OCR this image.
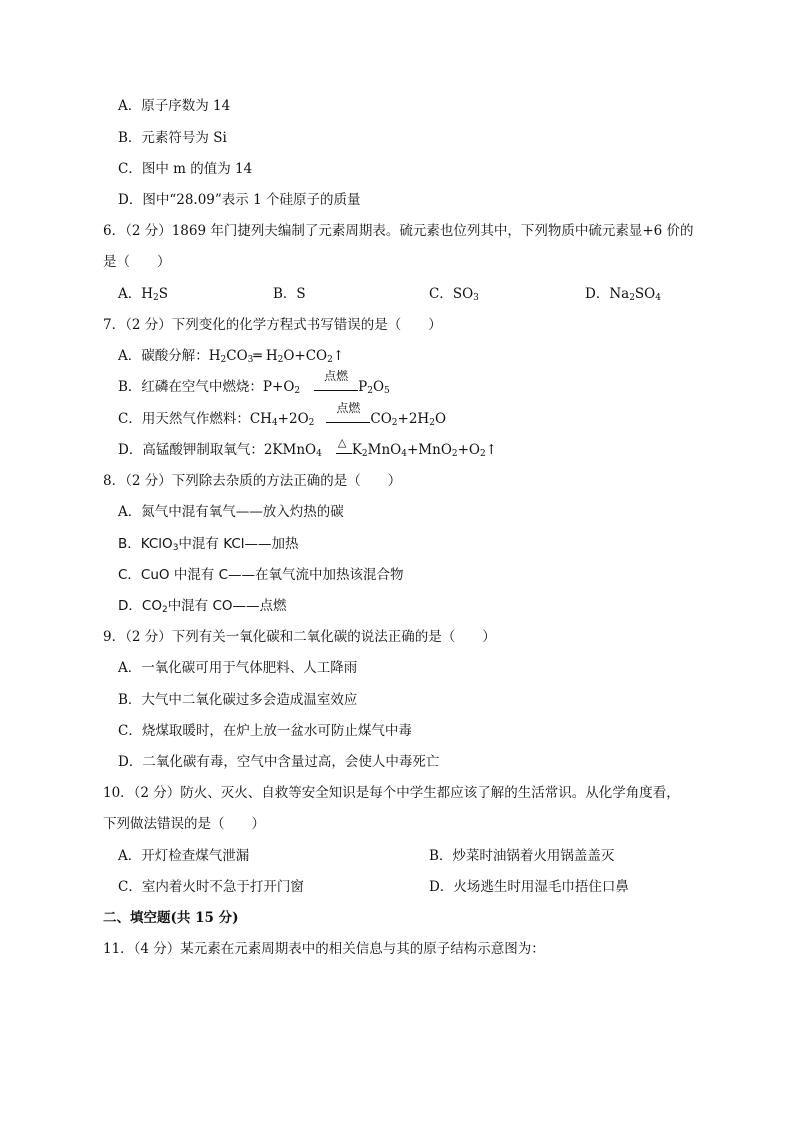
A．原子序数为 14
B．元素符号为 Si
C．图中 m 的值为 14
D．图中“28.09”表示 1 个硅原子的质量
6．（2 分）1869 年门捷列夫编制了元素周期表。硫元素也位列其中，下列物质中硫元素显+6 价的
是（　　）
A．$H_2S$	B．S	C．$SO_3$	D．$Na_2SO_4$
7．（2 分）下列变化的化学方程式书写错误的是（　　）
A．碳酸分解：$H_2CO_3═$ $H_2O+CO_2↑$
B．红磷在空气中燃烧：$P+O_2$
点燃
$P_2O_5$
C．用天然气作燃料：$CH_4+2O_2$
点燃
$CO_2+2H_2O$
D．高锰酸钾制取氧气：2KMnO$_4$
△ $K_2MnO_4+MnO_2+O_2↑$
8．（2 分）下列除去杂质的方法正确的是（　　）
A．氮气中混有氧气——放入灼热的碳
B．KClO$_3$中混有 KCl——加热
C．CuO 中混有 C——在氧气流中加热该混合物
D．$CO_2$中混有 CO——点燃
9．（2 分）下列有关一氧化碳和二氧化碳的说法正确的是（　　）
A．一氧化碳可用于气体肥料、人工降雨
B．大气中二氧化碳过多会造成温室效应
C．烧煤取暖时，在炉上放一盆水可防止煤气中毒
D．二氧化碳有毒，空气中含量过高，会使人中毒死亡
10．（2 分）防火、灭火、自救等安全知识是每个中学生都应该了解的生活常识。从化学角度看，
下列做法错误的是（　　）
A．开灯检查煤气泄漏	B．炒菜时油锅着火用锅盖盖灭
C．室内着火时不急于打开门窗	D．火场逃生时用湿毛巾捂住口鼻
二、填空题(共 15 分)
11．（4 分）某元素在元素周期表中的相关信息与其的原子结构示意图为：
